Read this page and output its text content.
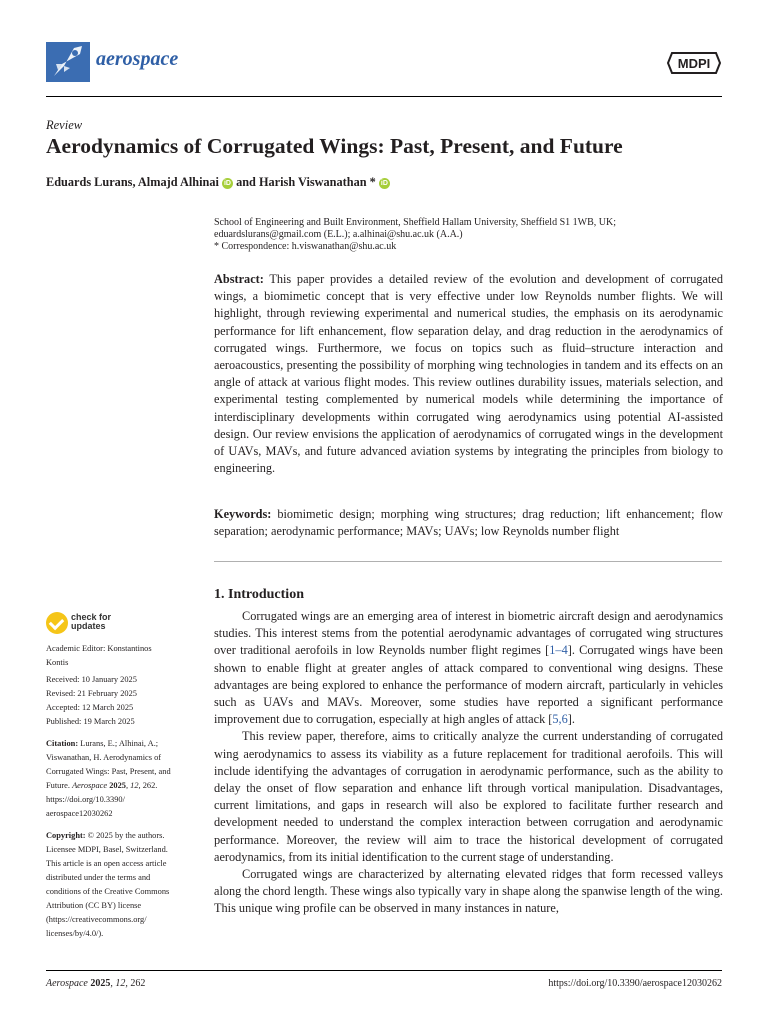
aerospace	MDPI
Review
Aerodynamics of Corrugated Wings: Past, Present, and Future
Eduards Lurans, Almajd Alhinai iD and Harish Viswanathan * iD
School of Engineering and Built Environment, Sheffield Hallam University, Sheffield S1 1WB, UK;
eduardslurans@gmail.com (E.L.); a.alhinai@shu.ac.uk (A.A.)
* Correspondence: h.viswanathan@shu.ac.uk
Abstract: This paper provides a detailed review of the evolution and development of corrugated wings, a biomimetic concept that is very effective under low Reynolds number flights. We will highlight, through reviewing experimental and numerical studies, the emphasis on its aerodynamic performance for lift enhancement, flow separation delay, and drag reduction in the aerodynamics of corrugated wings. Furthermore, we focus on topics such as fluid–structure interaction and aeroacoustics, presenting the possibility of morphing wing technologies in tandem and its effects on an angle of attack at various flight modes. This review outlines durability issues, materials selection, and experimental testing complemented by numerical models while determining the importance of interdisciplinary developments within corrugated wing aerodynamics using potential AI-assisted design. Our review envisions the application of aerodynamics of corrugated wings in the development of UAVs, MAVs, and future advanced aviation systems by integrating the principles from biology to engineering.
Keywords: biomimetic design; morphing wing structures; drag reduction; lift enhancement; flow separation; aerodynamic performance; MAVs; UAVs; low Reynolds number flight
1. Introduction

Corrugated wings are an emerging area of interest in biometric aircraft design and aerodynamics studies. This interest stems from the potential aerodynamic advantages of corrugated wing structures over traditional aerofoils in low Reynolds number flight regimes [1–4]. Corrugated wings have been shown to enable flight at greater angles of attack compared to conventional wing designs. These advantages are being explored to enhance the performance of modern aircraft, particularly in vehicles such as UAVs and MAVs. Moreover, some studies have reported a significant performance improvement due to corrugation, especially at high angles of attack [5,6].

This review paper, therefore, aims to critically analyze the current understanding of corrugated wing aerodynamics to assess its viability as a future replacement for traditional aerofoils. This will include identifying the advantages of corrugation in aerodynamic performance, such as the ability to delay the onset of flow separation and enhance lift through vortical manipulation. Disadvantages, current limitations, and gaps in research will also be explored to facilitate further research and development needed to understand the complex interaction between corrugation and aerodynamic performance. Moreover, the review will aim to trace the historical development of corrugated aerodynamics, from its initial identification to the current stage of understanding.

Corrugated wings are characterized by alternating elevated ridges that form recessed valleys along the chord length. These wings also typically vary in shape along the spanwise length of the wing. This unique wing profile can be observed in many instances in nature,

check for
updates
Academic Editor: Konstantinos
Kontis
Received: 10 January 2025
Revised: 21 February 2025
Accepted: 12 March 2025
Published: 19 March 2025
Citation: Lurans, E.; Alhinai, A.;
Viswanathan, H. Aerodynamics of
Corrugated Wings: Past, Present, and
Future. Aerospace 2025, 12, 262.
https://doi.org/10.3390/
aerospace12030262
Copyright: © 2025 by the authors.
Licensee MDPI, Basel, Switzerland.
This article is an open access article
distributed under the terms and
conditions of the Creative Commons
Attribution (CC BY) license
(https://creativecommons.org/
licenses/by/4.0/).
Aerospace 2025, 12, 262	https://doi.org/10.3390/aerospace12030262
